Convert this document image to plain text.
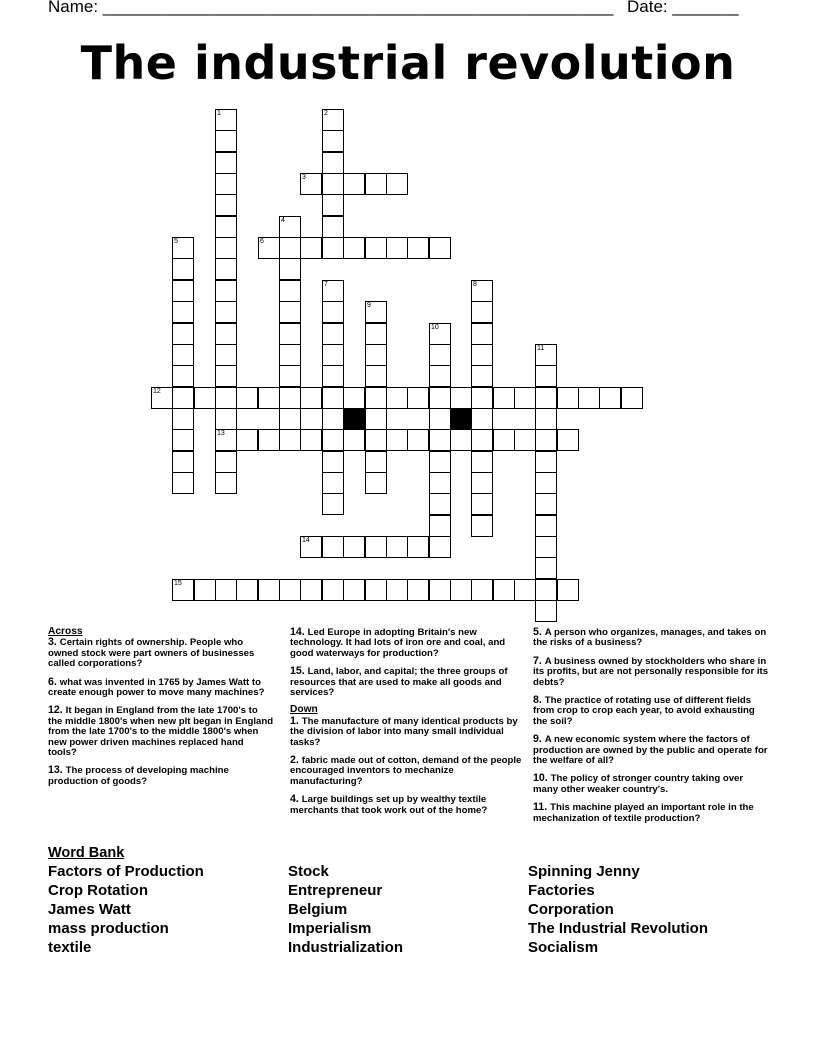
Name: ______________________________________________________ Date: _______
The industrial revolution
1
13
2
3
4
5	6
7	8
9
10
11
12
14
15
Across
3. Certain rights of ownership. People who owned stock were part owners of businesses called corporations?
6. what was invented in 1765 by James Watt to create enough power to move many machines?
12. It began in England from the late 1700's to the middle 1800's when new plt began in England from the late 1700's to the middle 1800's when new power driven machines replaced hand tools?
13. The process of developing machine production of goods?
14. Led Europe in adopting Britain's new technology. It had lots of iron ore and coal, and good waterways for production?
15. Land, labor, and capital; the three groups of resources that are used to make all goods and services?
Down
1. The manufacture of many identical products by the division of labor into many small individual tasks?
2. fabric made out of cotton, demand of the people encouraged inventors to mechanize manufacturing?
4. Large buildings set up by wealthy textile merchants that took work out of the home?
5. A person who organizes, manages, and takes on the risks of a business?
7. A business owned by stockholders who share in its profits, but are not personally responsible for its debts?
8. The practice of rotating use of different fields from crop to crop each year, to avoid exhausting the soil?
9. A new economic system where the factors of production are owned by the public and operate for the welfare of all?
10. The policy of stronger country taking over many other weaker country's.
11. This machine played an important role in the mechanization of textile production?
Word Bank
Factors of Production
Crop Rotation
James Watt
mass production
textile
Stock
Entrepreneur
Belgium
Imperialism
Industrialization
Spinning Jenny
Factories
Corporation
The Industrial Revolution
Socialism
